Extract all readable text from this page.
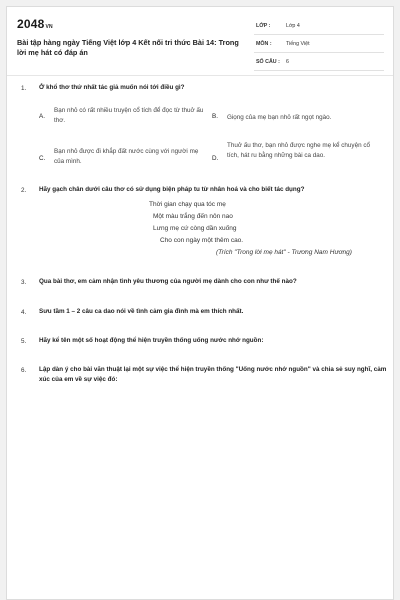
2048VN
Bài tập hàng ngày Tiếng Việt lớp 4 Kết nối tri thức Bài 14: Trong lời mẹ hát có đáp án
LỚP :	Lớp 4
MÔN :	Tiếng Việt
SỐ CÂU : 6
1. Ở khổ thơ thứ nhất tác giả muốn nói tới điều gì?
A.
Bạn nhỏ có rất nhiều truyện cổ tích để đọc từ thuở ấu thơ.	B. Giọng của mẹ bạn nhỏ rất ngọt ngào.
C.
Bạn nhỏ được đi khắp đất nước cùng với người mẹ của mình.	D.
Thuở ấu thơ, bạn nhỏ được nghe mẹ kể chuyện cổ tích, hát ru bằng những bài ca dao.
2. Hãy gạch chân dưới câu thơ có sử dụng biện pháp tu từ nhân hoá và cho biết tác dụng?
Thời gian chạy qua tóc mẹ
Một màu trắng đến nôn nao
Lưng mẹ cứ còng dần xuống
Cho con ngày một thêm cao.
(Trích "Trong lời mẹ hát" - Trương Nam Hương)
3. Qua bài thơ, em cảm nhận tình yêu thương của người mẹ dành cho con như thế nào?
4. Sưu tầm 1 – 2 câu ca dao nói về tình cảm gia đình mà em thích nhất.
5. Hãy kể tên một số hoạt động thể hiện truyền thống uống nước nhớ nguồn:
6. Lập dàn ý cho bài văn thuật lại một sự việc thể hiện truyền thống "Uống nước nhớ nguồn" và chia sẻ suy nghĩ, cảm xúc của em về sự việc đó:
